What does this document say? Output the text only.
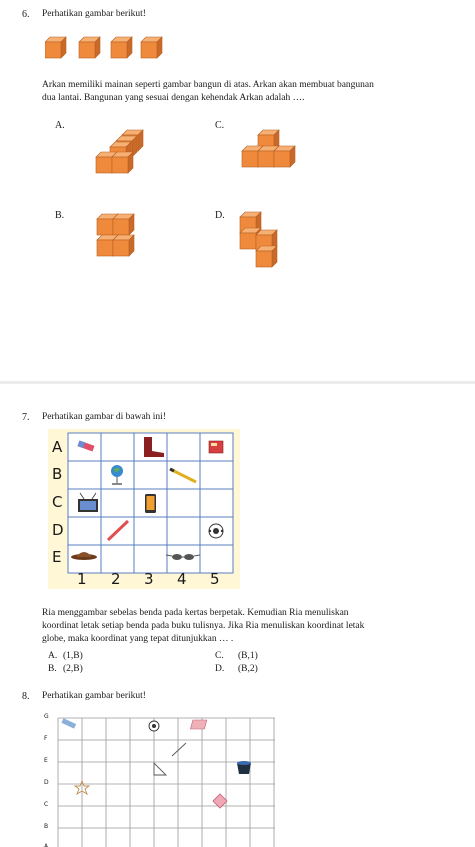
6. Perhatikan gambar berikut!
Arkan memiliki mainan seperti gambar bangun di atas. Arkan akan membuat bangunan
dua lantai. Bangunan yang sesuai dengan kehendak Arkan adalah ….
A.	C.
B.	D.
7. Perhatikan gambar di bawah ini!
A
B
C
D
E
1 2 3 4 5
Ria menggambar sebelas benda pada kertas berpetak. Kemudian Ria menuliskan
koordinat letak setiap benda pada buku tulisnya. Jika Ria menuliskan koordinat letak
globe, maka koordinat yang tepat ditunjukkan … .
A. (1,B)
B. (2,B)
C. (B,1)
D. (B,2)
8. Perhatikan gambar berikut!
G
F
E
D
C
B
A
